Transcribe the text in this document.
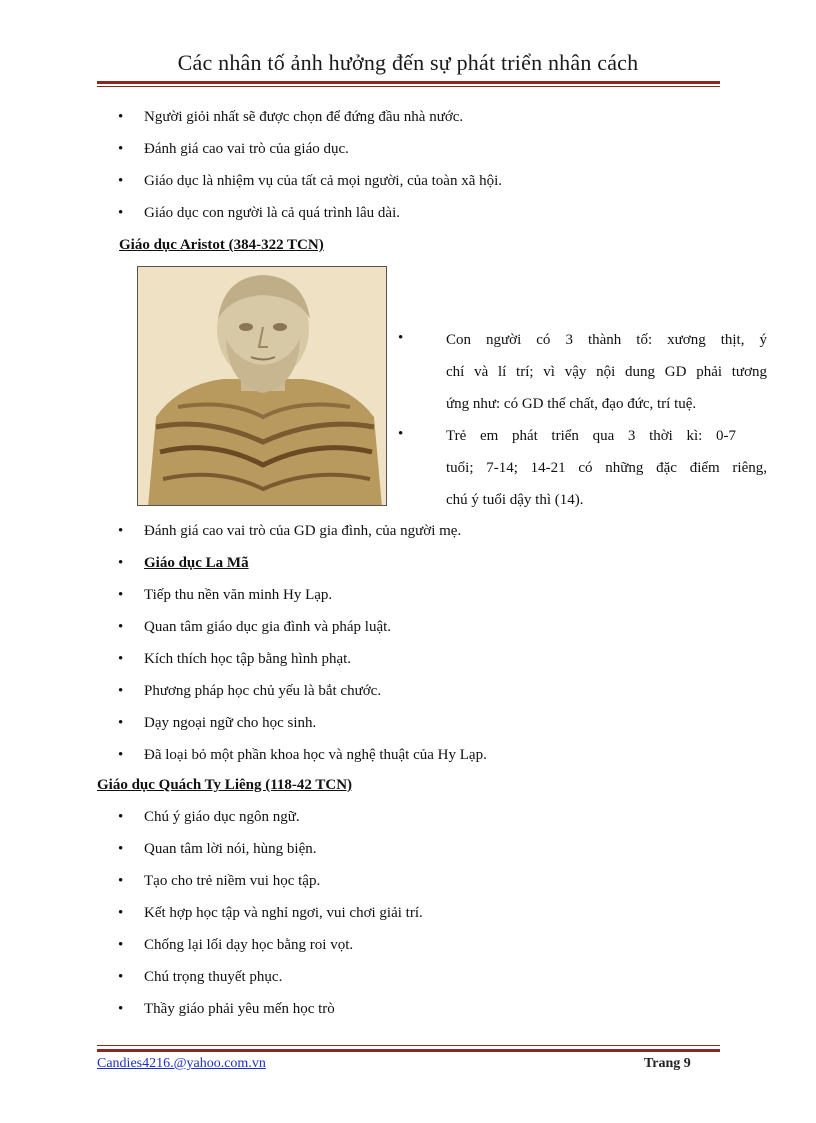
Các nhân tố ảnh hưởng đến sự phát triển nhân cách
•	Người giỏi nhất sẽ được chọn để đứng đầu nhà nước.
•	Đánh giá cao vai trò của giáo dục.
•	Giáo dục là nhiệm vụ của tất cả mọi người, của toàn xã hội.
•	Giáo dục con người là cả quá trình lâu dài.
Giáo dục Aristot (384-322 TCN)
•	Con người có 3 thành tố: xương thịt, ý
chí và lí trí; vì vậy nội dung GD phải tương
ứng như: có GD thể chất, đạo đức, trí tuệ.
•	Trẻ em phát triển qua 3 thời kì: 0-7
tuổi; 7-14; 14-21 có những đặc điểm riêng,
chú ý tuổi dậy thì (14).
•	Đánh giá cao vai trò của GD gia đình, của người mẹ.
•	Giáo dục La Mã
•	Tiếp thu nền văn minh Hy Lạp.
•	Quan tâm giáo dục gia đình và pháp luật.
•	Kích thích học tập bằng hình phạt.
•	Phương pháp học chủ yếu là bắt chước.
•	Dạy ngoại ngữ cho học sinh.
•	Đã loại bỏ một phần khoa học và nghệ thuật của Hy Lạp.
Giáo dục Quách Ty Liêng (118-42 TCN)
•	Chú ý giáo dục ngôn ngữ.
•	Quan tâm lời nói, hùng biện.
•	Tạo cho trẻ niềm vui học tập.
•	Kết hợp học tập và nghỉ ngơi, vui chơi giải trí.
•	Chống lại lối dạy học bằng roi vọt.
•	Chú trọng thuyết phục.
•	Thầy giáo phải yêu mến học trò
Candies4216.@yahoo.com.vn	Trang 9
